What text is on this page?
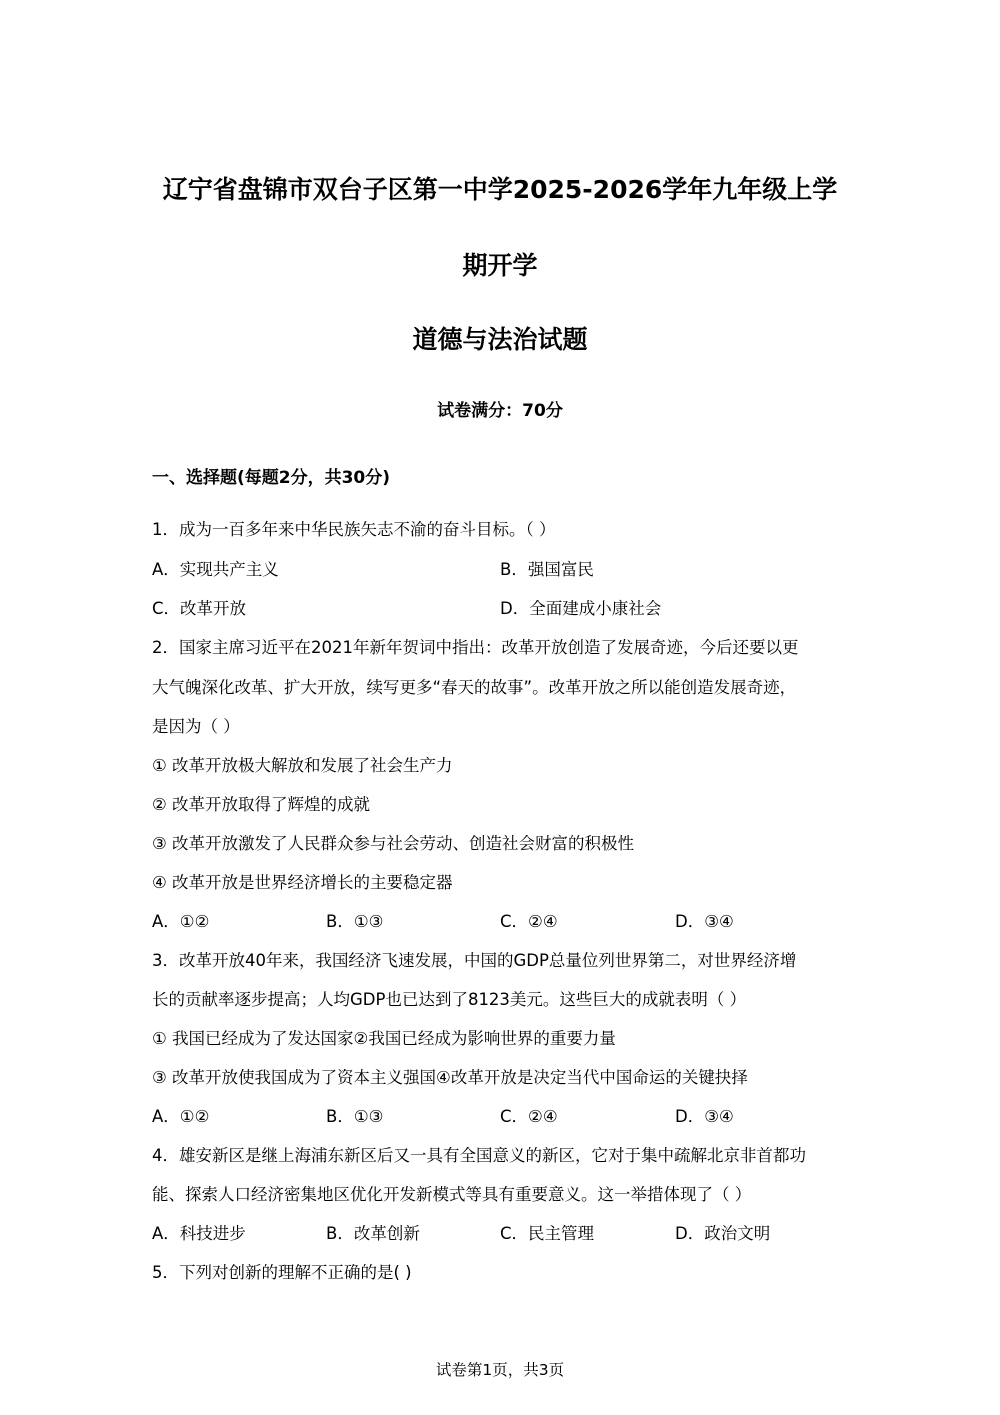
辽宁省盘锦市双台子区第一中学2025-2026学年九年级上学
期开学
道德与法治试题
试卷满分：70分
一、选择题(每题2分，共30分)
1．成为一百多年来中华民族矢志不渝的奋斗目标。（ ）
A．实现共产主义	B．强国富民
C．改革开放	D．全面建成小康社会
2．国家主席习近平在2021年新年贺词中指出：改革开放创造了发展奇迹，今后还要以更
大气魄深化改革、扩大开放，续写更多“春天的故事”。改革开放之所以能创造发展奇迹，
是因为（ ）
① 改革开放极大解放和发展了社会生产力
② 改革开放取得了辉煌的成就
③ 改革开放激发了人民群众参与社会劳动、创造社会财富的积极性
④ 改革开放是世界经济增长的主要稳定器
A．①②	B．①③	C．②④	D．③④
3．改革开放40年来，我国经济飞速发展，中国的GDP总量位列世界第二，对世界经济增
长的贡献率逐步提高；人均GDP也已达到了8123美元。这些巨大的成就表明（ ）
① 我国已经成为了发达国家②我国已经成为影响世界的重要力量
③ 改革开放使我国成为了资本主义强国④改革开放是决定当代中国命运的关键抉择
A．①②	B．①③	C．②④	D．③④
4．雄安新区是继上海浦东新区后又一具有全国意义的新区，它对于集中疏解北京非首都功
能、探索人口经济密集地区优化开发新模式等具有重要意义。这一举措体现了（ ）
A．科技进步	B．改革创新	C．民主管理	D．政治文明
5．下列对创新的理解不正确的是( )
试卷第1页，共3页
